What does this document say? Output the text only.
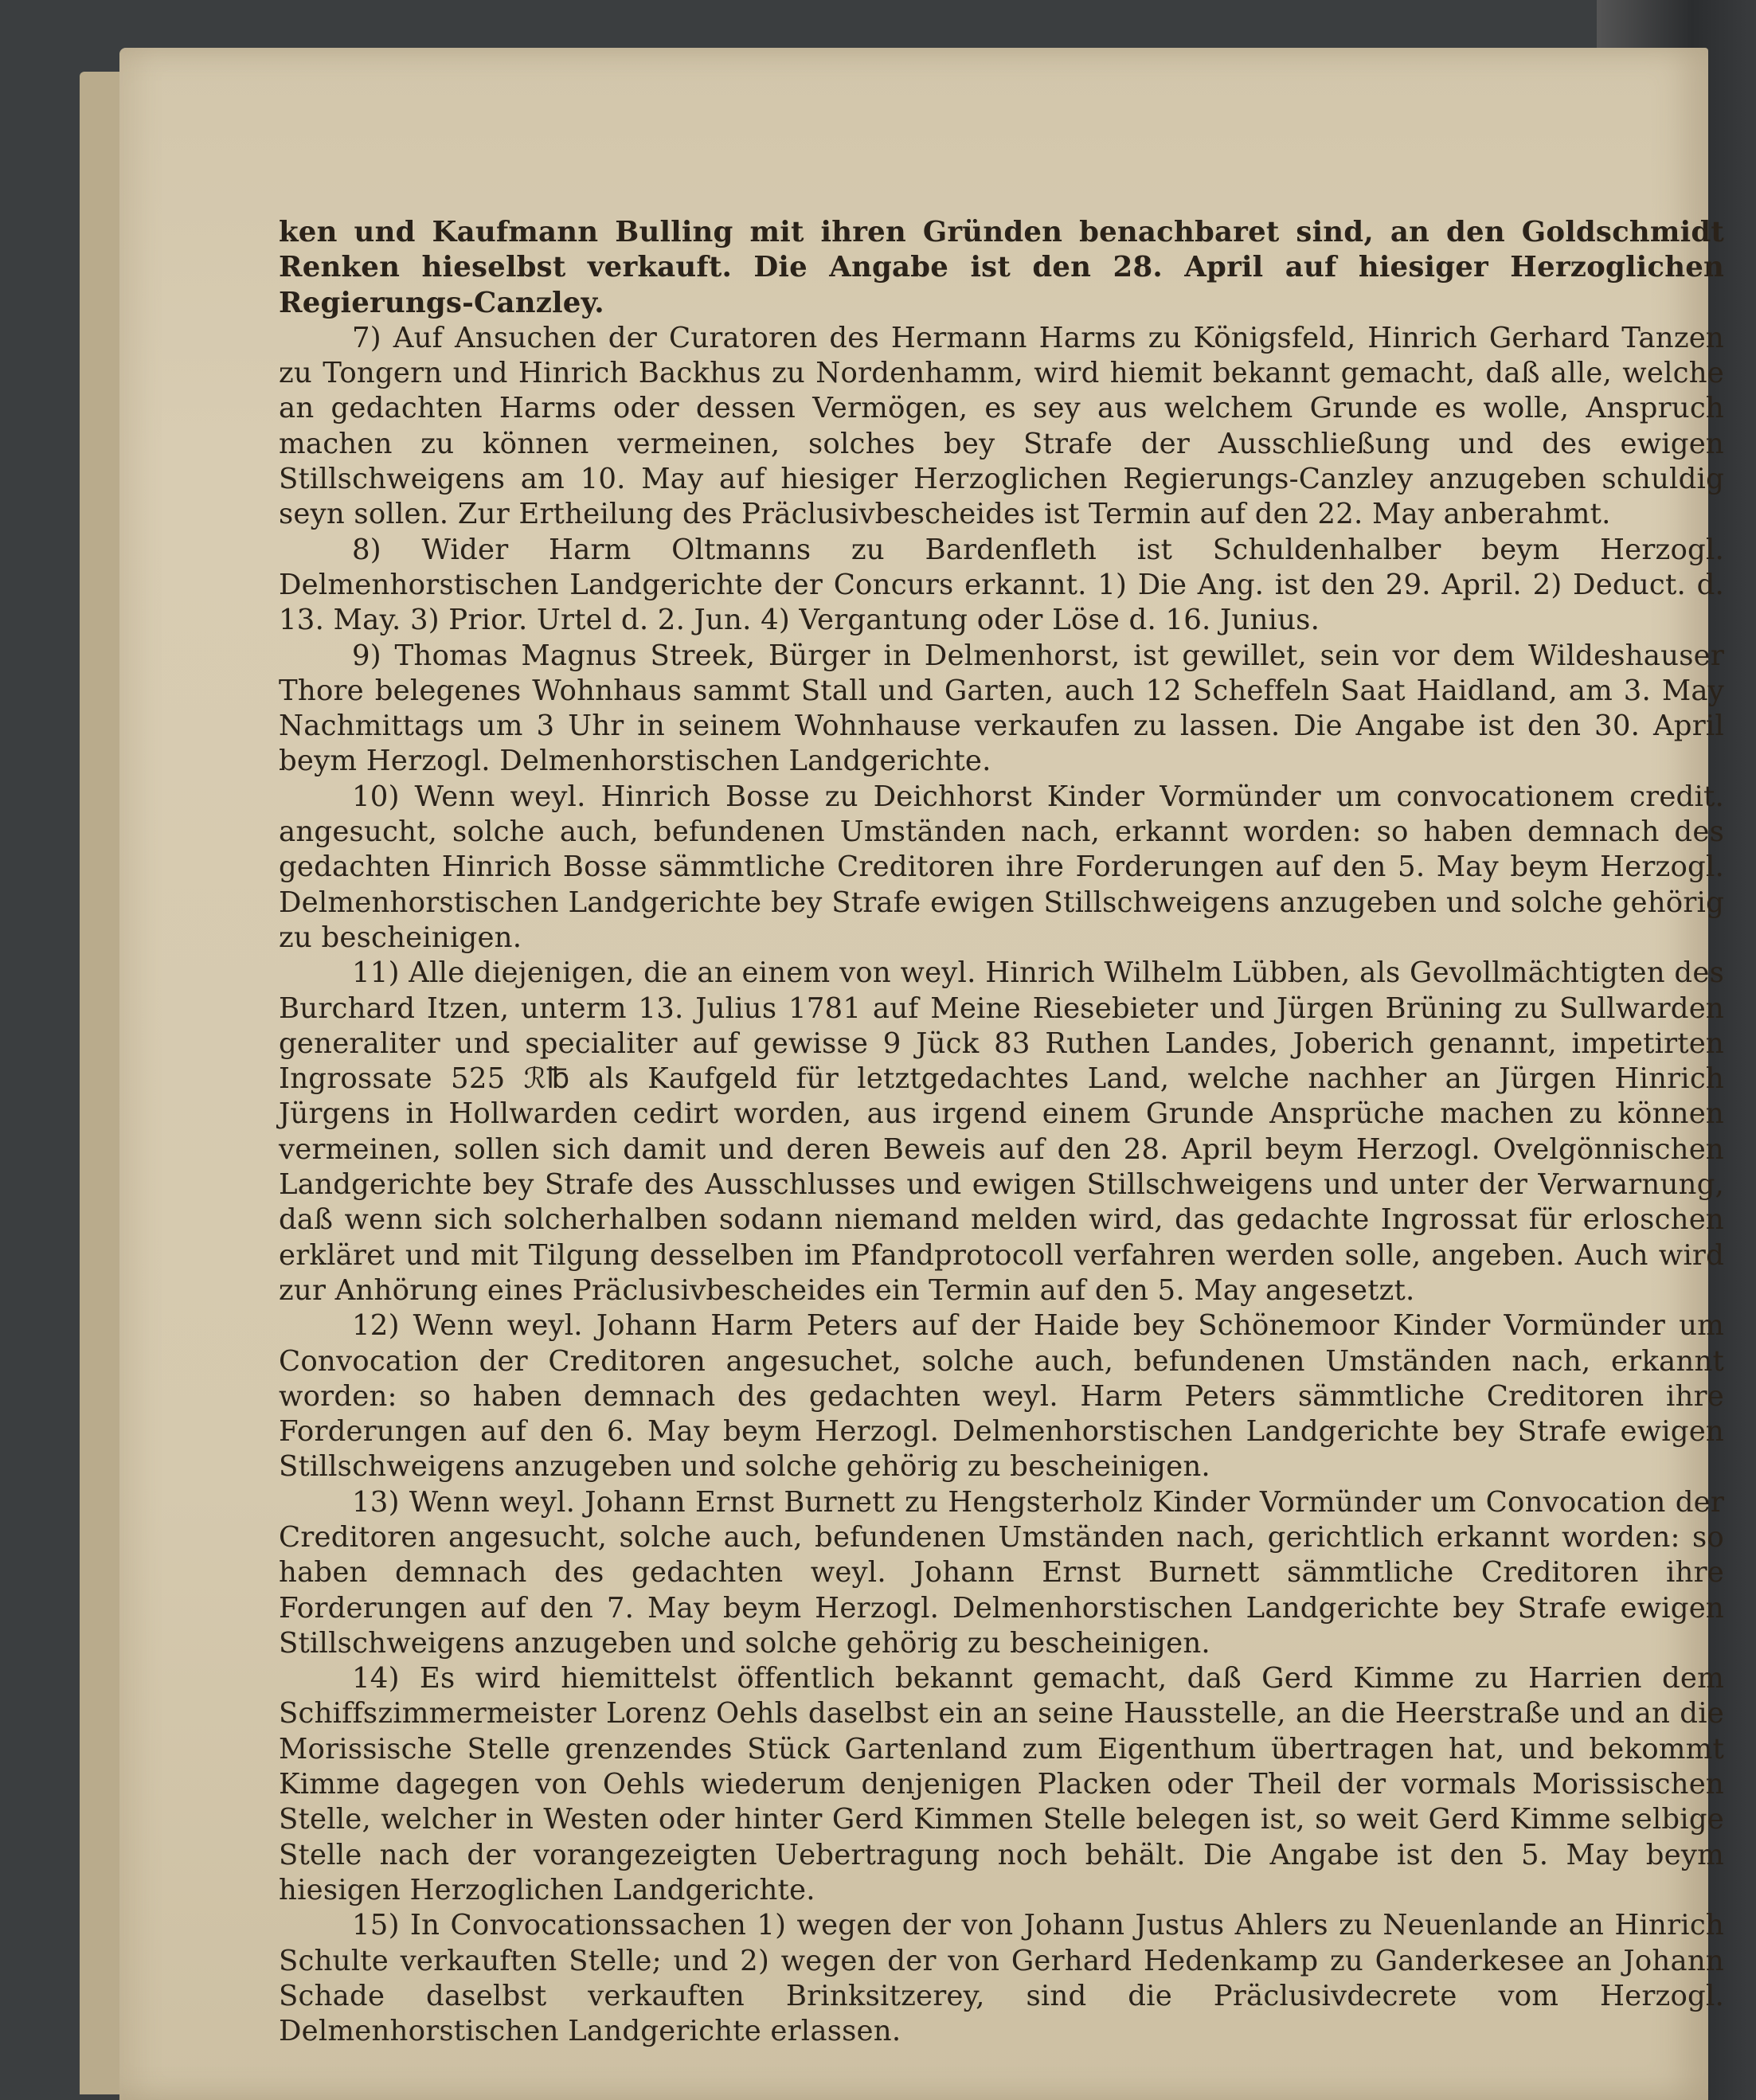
ken und Kaufmann Bulling mit ihren Gründen benachbaret sind, an den Goldschmidt Renken hieselbst verkauft. Die Angabe ist den 28. April auf hiesiger Herzoglichen Regierungs-Canzley.

7) Auf Ansuchen der Curatoren des Hermann Harms zu Königsfeld, Hinrich Gerhard Tanzen zu Tongern und Hinrich Backhus zu Nordenhamm, wird hiemit bekannt gemacht, daß alle, welche an gedachten Harms oder dessen Vermögen, es sey aus welchem Grunde es wolle, Anspruch machen zu können vermeinen, solches bey Strafe der Ausschließung und des ewigen Stillschweigens am 10. May auf hiesiger Herzoglichen Regierungs-Canzley anzugeben schuldig seyn sollen. Zur Ertheilung des Präclusivbescheides ist Termin auf den 22. May anberahmt.

8) Wider Harm Oltmanns zu Bardenfleth ist Schuldenhalber beym Herzogl. Delmenhorstischen Landgerichte der Concurs erkannt. 1) Die Ang. ist den 29. April. 2) Deduct. d. 13. May. 3) Prior. Urtel d. 2. Jun. 4) Vergantung oder Löse d. 16. Junius.

9) Thomas Magnus Streek, Bürger in Delmenhorst, ist gewillet, sein vor dem Wildeshauser Thore belegenes Wohnhaus sammt Stall und Garten, auch 12 Scheffeln Saat Haidland, am 3. May Nachmittags um 3 Uhr in seinem Wohnhause verkaufen zu lassen. Die Angabe ist den 30. April beym Herzogl. Delmenhorstischen Landgerichte.

10) Wenn weyl. Hinrich Bosse zu Deichhorst Kinder Vormünder um convocationem credit. angesucht, solche auch, befundenen Umständen nach, erkannt worden: so haben demnach des gedachten Hinrich Bosse sämmtliche Creditoren ihre Forderungen auf den 5. May beym Herzogl. Delmenhorstischen Landgerichte bey Strafe ewigen Stillschweigens anzugeben und solche gehörig zu bescheinigen.

11) Alle diejenigen, die an einem von weyl. Hinrich Wilhelm Lübben, als Gevollmächtigten des Burchard Itzen, unterm 13. Julius 1781 auf Meine Riesebieter und Jürgen Brüning zu Sullwarden generaliter und specialiter auf gewisse 9 Jück 83 Ruthen Landes, Joberich genannt, impetirten Ingrossate 525 ℛ℔ als Kaufgeld für letztgedachtes Land, welche nachher an Jürgen Hinrich Jürgens in Hollwarden cedirt worden, aus irgend einem Grunde Ansprüche machen zu können vermeinen, sollen sich damit und deren Beweis auf den 28. April beym Herzogl. Ovelgönnischen Landgerichte bey Strafe des Ausschlusses und ewigen Stillschweigens und unter der Verwarnung, daß wenn sich solcherhalben sodann niemand melden wird, das gedachte Ingrossat für erloschen erkläret und mit Tilgung desselben im Pfandprotocoll verfahren werden solle, angeben. Auch wird zur Anhörung eines Präclusivbescheides ein Termin auf den 5. May angesetzt.

12) Wenn weyl. Johann Harm Peters auf der Haide bey Schönemoor Kinder Vormünder um Convocation der Creditoren angesuchet, solche auch, befundenen Umständen nach, erkannt worden: so haben demnach des gedachten weyl. Harm Peters sämmtliche Creditoren ihre Forderungen auf den 6. May beym Herzogl. Delmenhorstischen Landgerichte bey Strafe ewigen Stillschweigens anzugeben und solche gehörig zu bescheinigen.

13) Wenn weyl. Johann Ernst Burnett zu Hengsterholz Kinder Vormünder um Convocation der Creditoren angesucht, solche auch, befundenen Umständen nach, gerichtlich erkannt worden: so haben demnach des gedachten weyl. Johann Ernst Burnett sämmtliche Creditoren ihre Forderungen auf den 7. May beym Herzogl. Delmenhorstischen Landgerichte bey Strafe ewigen Stillschweigens anzugeben und solche gehörig zu bescheinigen.

14) Es wird hiemittelst öffentlich bekannt gemacht, daß Gerd Kimme zu Harrien dem Schiffszimmermeister Lorenz Oehls daselbst ein an seine Hausstelle, an die Heerstraße und an die Morissische Stelle grenzendes Stück Gartenland zum Eigenthum übertragen hat, und bekommt Kimme dagegen von Oehls wiederum denjenigen Placken oder Theil der vormals Morissischen Stelle, welcher in Westen oder hinter Gerd Kimmen Stelle belegen ist, so weit Gerd Kimme selbige Stelle nach der vorangezeigten Uebertragung noch behält. Die Angabe ist den 5. May beym hiesigen Herzoglichen Landgerichte.

15) In Convocationssachen 1) wegen der von Johann Justus Ahlers zu Neuenlande an Hinrich Schulte verkauften Stelle; und 2) wegen der von Gerhard Hedenkamp zu Ganderkesee an Johann Schade daselbst verkauften Brinksitzerey, sind die Präclusivdecrete vom Herzogl. Delmenhorstischen Landgerichte erlassen.
